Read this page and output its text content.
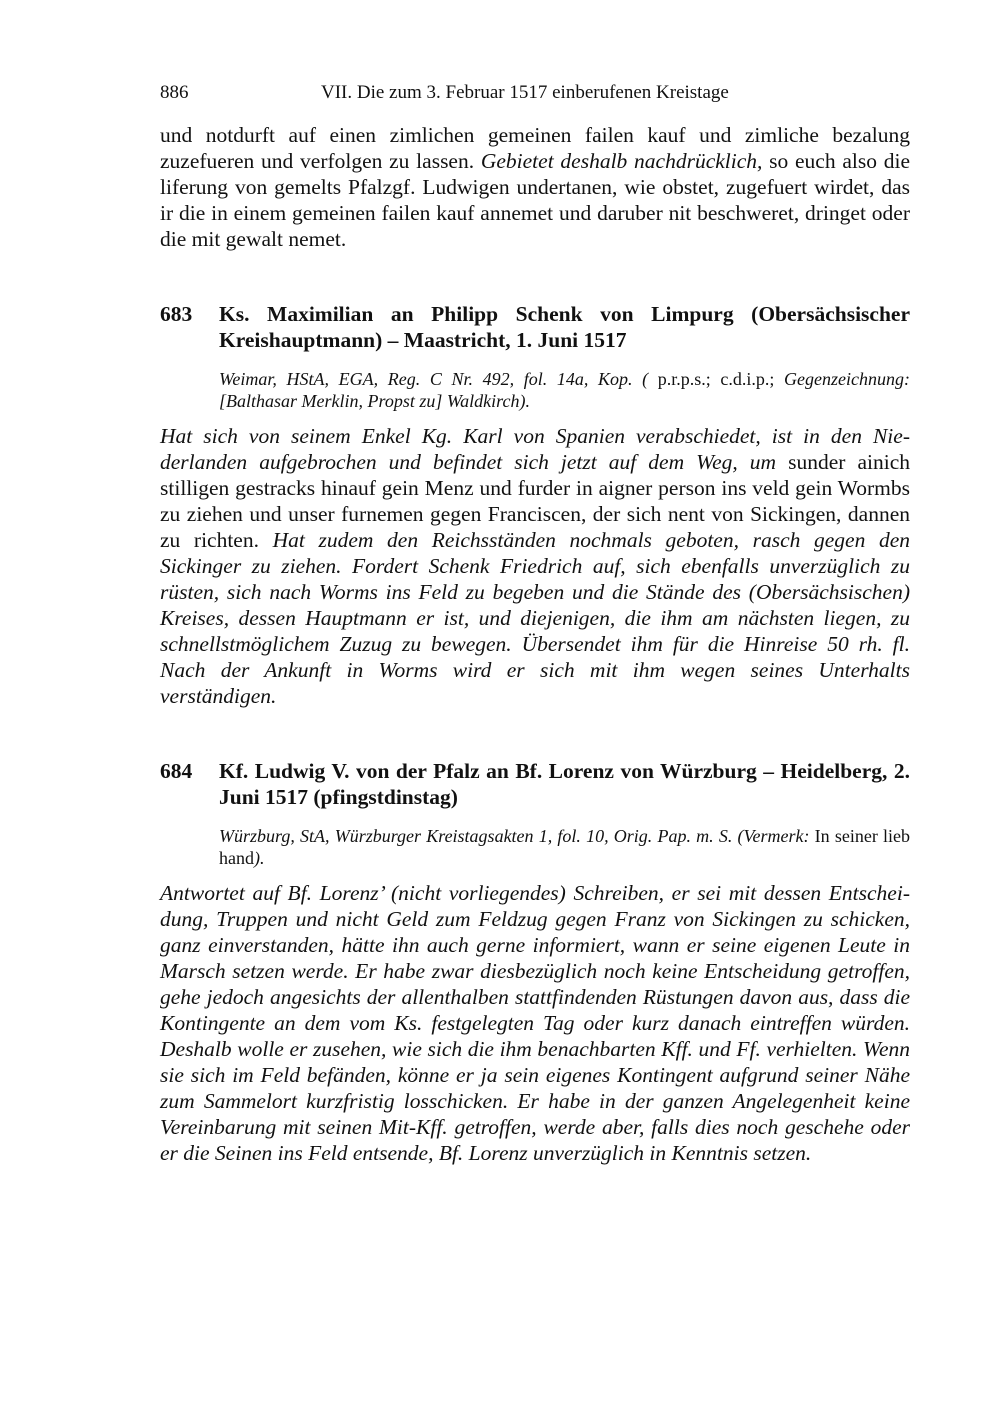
886	VII. Die zum 3. Februar 1517 einberufenen Kreistage

und notdurft auf einen zimlichen gemeinen failen kauf und zimliche bezalung zuzefueren und verfolgen zu lassen. Gebietet deshalb nachdrücklich, so euch also die liferung von gemelts Pfalzgf. Ludwigen undertanen, wie obstet, zugefuert wirdet, das ir die in einem gemeinen failen kauf annemet und daruber nit beschweret, dringet oder die mit gewalt nemet.

683	Ks. Maximilian an Philipp Schenk von Limpurg (Obersächsischer Kreishauptmann) – Maastricht, 1. Juni 1517

Weimar, HStA, EGA, Reg. C Nr. 492, fol. 14a, Kop. ( p.r.p.s.; c.d.i.p.; Gegenzeichnung: [Balthasar Merklin, Propst zu] Waldkirch).

Hat sich von seinem Enkel Kg. Karl von Spanien verabschiedet, ist in den Niederlanden aufgebrochen und befindet sich jetzt auf dem Weg, um sunder ainich stilligen gestracks hinauf gein Menz und furder in aigner person ins veld gein Wormbs zu ziehen und unser furnemen gegen Franciscen, der sich nent von Sickingen, dannen zu richten. Hat zudem den Reichsständen nochmals geboten, rasch gegen den Sickinger zu ziehen. Fordert Schenk Friedrich auf, sich ebenfalls unverzüglich zu rüsten, sich nach Worms ins Feld zu begeben und die Stände des (Obersächsischen) Kreises, dessen Hauptmann er ist, und diejenigen, die ihm am nächsten liegen, zu schnellstmöglichem Zuzug zu bewegen. Übersendet ihm für die Hinreise 50 rh. fl. Nach der Ankunft in Worms wird er sich mit ihm wegen seines Unterhalts verständigen.

684	Kf. Ludwig V. von der Pfalz an Bf. Lorenz von Würzburg – Heidelberg, 2. Juni 1517 (pfingstdinstag)

Würzburg, StA, Würzburger Kreistagsakten 1, fol. 10, Orig. Pap. m. S. (Vermerk: In seiner lieb hand).

Antwortet auf Bf. Lorenz’ (nicht vorliegendes) Schreiben, er sei mit dessen Entscheidung, Truppen und nicht Geld zum Feldzug gegen Franz von Sickingen zu schicken, ganz einverstanden, hätte ihn auch gerne informiert, wann er seine eigenen Leute in Marsch setzen werde. Er habe zwar diesbezüglich noch keine Entscheidung getroffen, gehe jedoch angesichts der allenthalben stattfindenden Rüstungen davon aus, dass die Kontingente an dem vom Ks. festgelegten Tag oder kurz danach eintreffen würden. Deshalb wolle er zusehen, wie sich die ihm benachbarten Kff. und Ff. verhielten. Wenn sie sich im Feld befänden, könne er ja sein eigenes Kontingent aufgrund seiner Nähe zum Sammelort kurzfristig losschicken. Er habe in der ganzen Angelegenheit keine Vereinbarung mit seinen Mit-Kff. getroffen, werde aber, falls dies noch geschehe oder er die Seinen ins Feld entsende, Bf. Lorenz unverzüglich in Kenntnis setzen.
